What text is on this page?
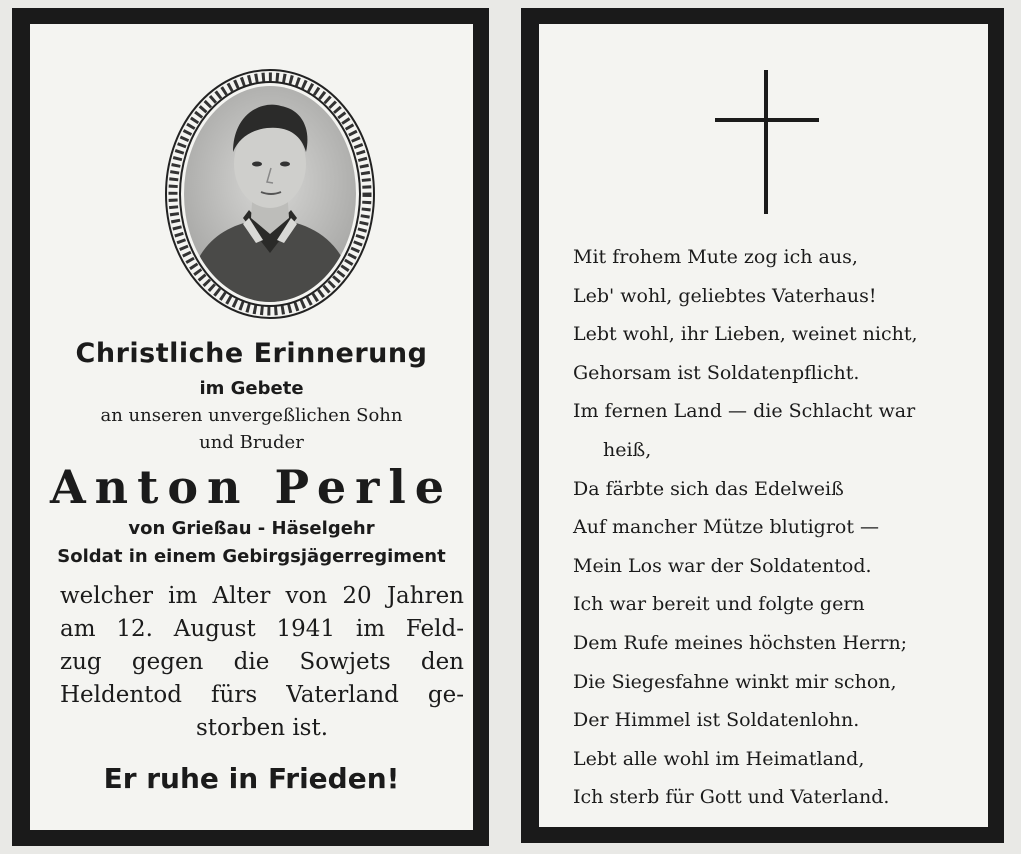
Christliche Erinnerung
im Gebete
an unseren unvergeßlichen Sohn
und Bruder
Anton Perle
von Grießau - Häselgehr
Soldat in einem Gebirgsjägerregiment
welcher im Alter von 20 Jahren
am 12. August 1941 im Feld-
zug gegen die Sowjets den
Heldentod fürs Vaterland ge-
storben ist.
Er ruhe in Frieden!
Mit frohem Mute zog ich aus,
Leb' wohl, geliebtes Vaterhaus!
Lebt wohl, ihr Lieben, weinet nicht,
Gehorsam ist Soldatenpflicht.
Im fernen Land — die Schlacht war
heiß,
Da färbte sich das Edelweiß
Auf mancher Mütze blutigrot —
Mein Los war der Soldatentod.
Ich war bereit und folgte gern
Dem Rufe meines höchsten Herrn;
Die Siegesfahne winkt mir schon,
Der Himmel ist Soldatenlohn.
Lebt alle wohl im Heimatland,
Ich sterb für Gott und Vaterland.
